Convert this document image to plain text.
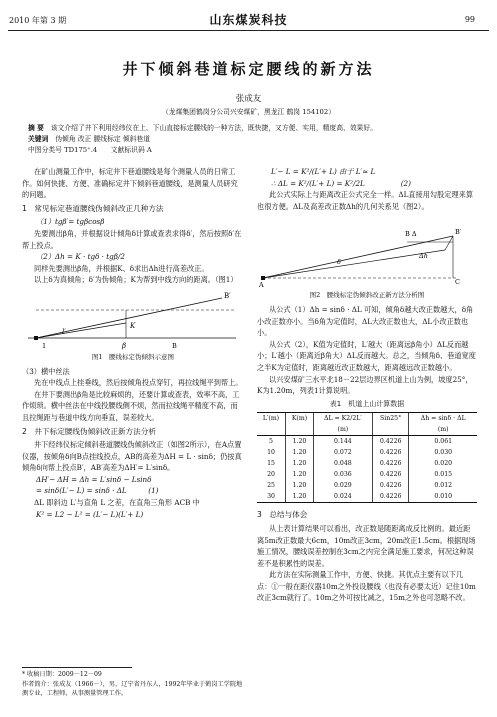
2010 年第 3 期	山东煤炭科技	99
井下倾斜巷道标定腰线的新方法
张成友
（龙煤集团鹤岗分公司兴安煤矿，黑龙江 鹤岗 154102）
摘 要　 该文介绍了井下利用经纬仪在上、下山直接标定腰线的一种方法，既快捷，又方便、实用，精度高、效果好。
关键词　 伪倾角 改正 腰线标定 倾斜巷道
中图分类号 TD175⁺.4　　文献标识码 A

在矿山测量工作中，标定井下巷道腰线是每个测量人员的日常工作。如何快捷、方便、准确标定井下倾斜巷道腰线，是测量人员研究的问题。

1　常见标定巷道腰线伪倾斜改正几种方法

（1）tgβ′= tgβcosβ

先要测出β角，并根据设计倾角δ计算或查表求得δ′，然后按照δ′在帮上投点。

（2）Δh = K · tgδ · tgβ/2

同样先要测出β角，并根据K、δ求出Δh进行高差改正。

以上δ为真倾角；δ′为伪倾角；K为帮到中线方向的距离。（图1）

l′
β
B′
K
1	B
图1　腰线标定伪倾斜示意图

（3）横中丝法

先在中线点上挂垂线，然后按倾角投点穿钉，再拉线绳平到帮上。

在井下要测出β角是比较麻烦的，还要计算或查表，效率不高，工作烦琐。横中丝法在中线投腰线侧不烦，然而拉线绳平精度不高，而且拉绳距与巷道中线方向垂直，误差较大。

2　井下标定腰线伪倾斜改正新方法分析

井下经纬仪标定倾斜巷道腰线伪倾斜改正（如图2所示），在A点置仪器，按倾角δ向B点挂线投点，AB的高差为ΔH = L · sinδ；仍按真倾角δ向帮上投点B′，AB′高差为ΔH′= L′sinδ。

ΔH′− ΔH = Δh = L′sinδ − Lsinδ

= sinδ(L′− L) = sinδ · ΔL　　　(1)

ΔL 即斜边 L′与直角 L 之差，在直角三角形 ACB 中

K² = L2 − L² = (L′− L)(L′+ L)

* 收稿日期：2009－12－09
作者简介：张成友（1966－），男，辽宁省丹东人，1992年毕业于鹤岗工学院地测专业，工程师，从事测量管理工作。

L′− L = K²/(L′+ L) 由于 L′≈ L

∴ ΔL = K²/(L′+ L) = K²/2L　　　　　(2)

此公式实际上与距离改正公式完全一样。ΔL直接用勾股定理来算也很方便。ΔL及高差改正数Δh的几何关系见（图2）。

A
B Δ	B′
Δh
C
δ
图2　腰线标定伪倾斜改正新方法分析图

从公式（1）Δh = sinδ · ΔL 可知，倾角δ越大改正数越大，δ角小改正数亦小。当δ角为定值时，ΔL大改正数也大，ΔL小改正数也小。

从公式（2），K值为定值时，L′越大（距离远β角小）ΔL反而越小；L′越小（距离近β角大）ΔL反而越大。总之，当倾角δ、巷道宽度之半K为定值时，距离越近改正数越大，距离越远改正数越小。

以兴安煤矿三水平北18－22层边界区机道上山为例，坡度25°，K为1.20m，列表1计算说明。

表1　机道上山计算数据
L′(m)	K(m)	ΔL = K2/2L′	Sin25°	Δh = sinδ · ΔL
		(m)		(m)
5	1.20	0.144	0.4226	0.061
10	1.20	0.072	0.4226	0.030
15	1.20	0.048	0.4226	0.020
20	1.20	0.036	0.4226	0.015
25	1.20	0.029	0.4226	0.012
30	1.20	0.024	0.4226	0.010
3　总结与体会

从上表计算结果可以看出，改正数是随距离成反比例的。最近距离5m改正数最大6cm，10m改正3cm，20m改正1.5cm。根据现场施工情况，腰线误差控制在3cm之内完全满足施工要求，何况这种误差不是积累性的误差。

此方法在实际测量工作中，方便、快捷。其优点主要有以下几点：①一般在距仪器10m之外投设腰线（也没有必要太近）记住10m改正3cm就行了。10m之外可按比减之，15m之外也可忽略不改。
